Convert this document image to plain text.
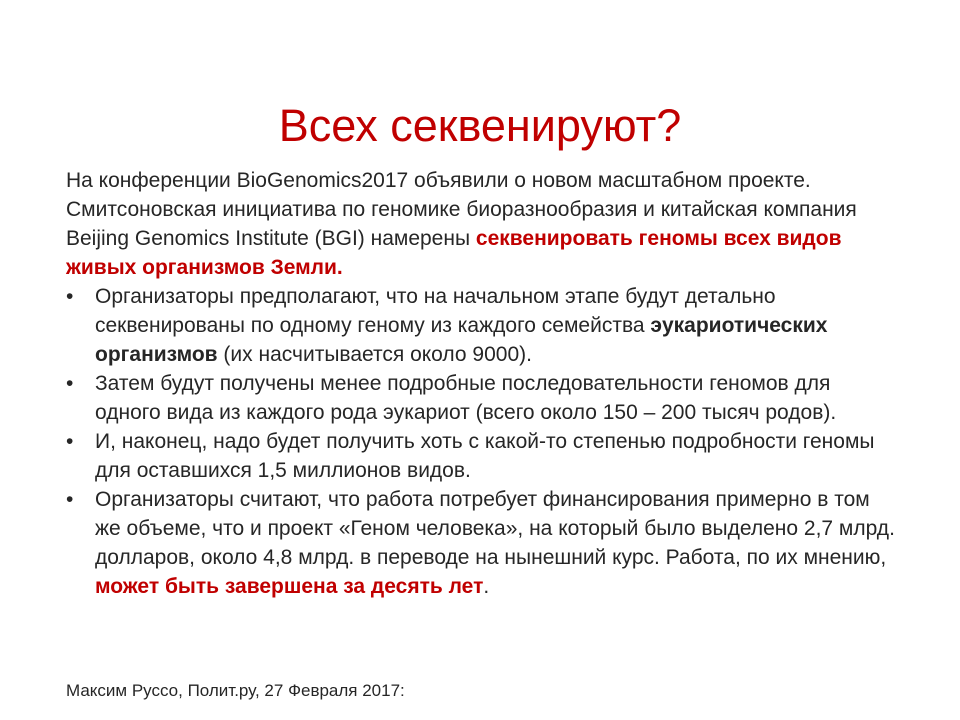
Всех секвенируют?

На конференции BioGenomics2017 объявили о новом масштабном проекте. Смитсоновская инициатива по геномике биоразнообразия и китайская компания Beijing Genomics Institute (BGI) намерены секвенировать геномы всех видов живых организмов Земли.

• Организаторы предполагают, что на начальном этапе будут детально секвенированы по одному геному из каждого семейства эукариотических организмов (их насчитывается около 9000).
• Затем будут получены менее подробные последовательности геномов для одного вида из каждого рода эукариот (всего около 150 – 200 тысяч родов).
• И, наконец, надо будет получить хоть с какой-то степенью подробности геномы для оставшихся 1,5 миллионов видов.
• Организаторы считают, что работа потребует финансирования примерно в том же объеме, что и проект «Геном человека», на который было выделено 2,7 млрд. долларов, около 4,8 млрд. в переводе на нынешний курс. Работа, по их мнению, может быть завершена за десять лет.
Максим Руссо, Полит.ру, 27 Февраля 2017:
